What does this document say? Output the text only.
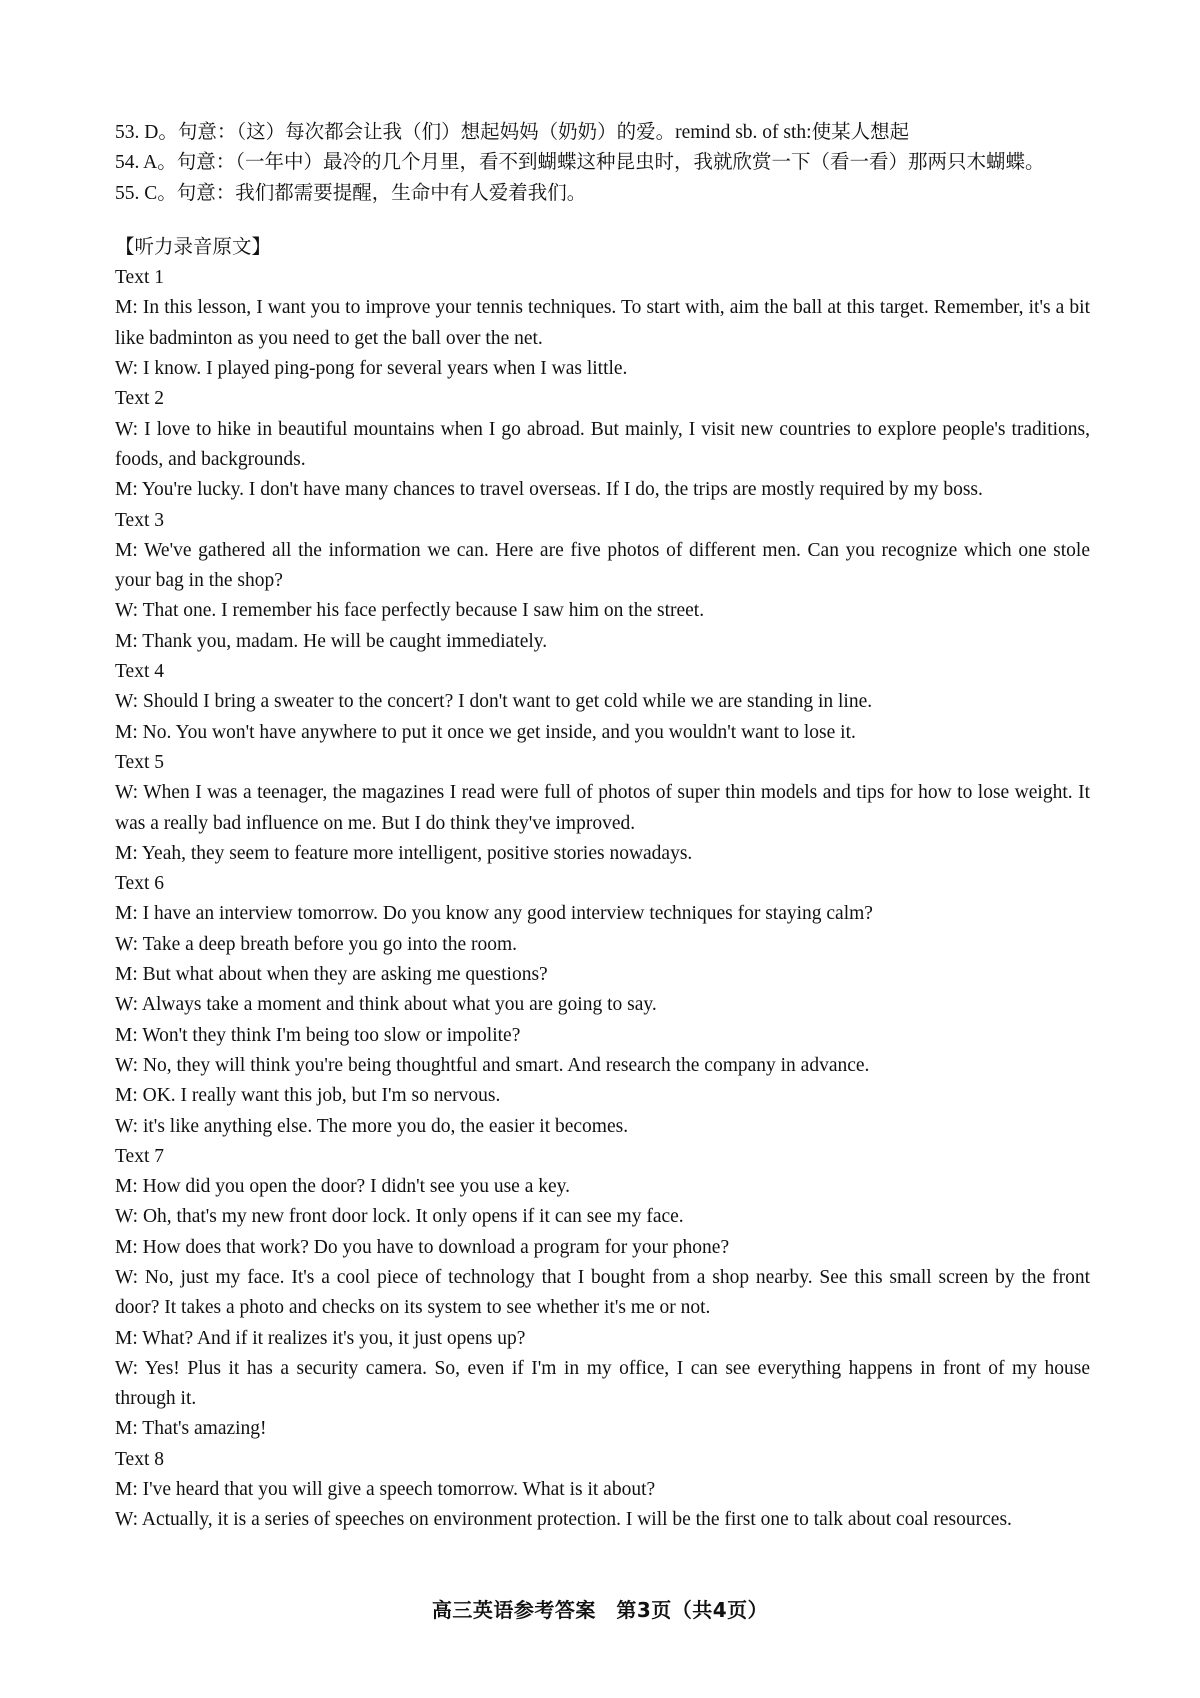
53. D。句意：（这）每次都会让我（们）想起妈妈（奶奶）的爱。remind sb. of sth:使某人想起

54. A。句意：（一年中）最冷的几个月里，看不到蝴蝶这种昆虫时，我就欣赏一下（看一看）那两只木蝴蝶。

55. C。句意：我们都需要提醒，生命中有人爱着我们。

【听力录音原文】

Text 1

M: In this lesson, I want you to improve your tennis techniques. To start with, aim the ball at this target. Remember, it's a bit like badminton as you need to get the ball over the net.

W: I know. I played ping-pong for several years when I was little.

Text 2

W: I love to hike in beautiful mountains when I go abroad. But mainly, I visit new countries to explore people's traditions, foods, and backgrounds.

M: You're lucky. I don't have many chances to travel overseas. If I do, the trips are mostly required by my boss.

Text 3

M: We've gathered all the information we can. Here are five photos of different men. Can you recognize which one stole your bag in the shop?

W: That one. I remember his face perfectly because I saw him on the street.

M: Thank you, madam. He will be caught immediately.

Text 4

W: Should I bring a sweater to the concert? I don't want to get cold while we are standing in line.

M: No. You won't have anywhere to put it once we get inside, and you wouldn't want to lose it.

Text 5

W: When I was a teenager, the magazines I read were full of photos of super thin models and tips for how to lose weight. It was a really bad influence on me. But I do think they've improved.

M: Yeah, they seem to feature more intelligent, positive stories nowadays.

Text 6

M: I have an interview tomorrow. Do you know any good interview techniques for staying calm?

W: Take a deep breath before you go into the room.

M: But what about when they are asking me questions?

W: Always take a moment and think about what you are going to say.

M: Won't they think I'm being too slow or impolite?

W: No, they will think you're being thoughtful and smart. And research the company in advance.

M: OK. I really want this job, but I'm so nervous.

W: it's like anything else. The more you do, the easier it becomes.

Text 7

M: How did you open the door? I didn't see you use a key.

W: Oh, that's my new front door lock. It only opens if it can see my face.

M: How does that work? Do you have to download a program for your phone?

W: No, just my face. It's a cool piece of technology that I bought from a shop nearby. See this small screen by the front door? It takes a photo and checks on its system to see whether it's me or not.

M: What? And if it realizes it's you, it just opens up?

W: Yes! Plus it has a security camera. So, even if I'm in my office, I can see everything happens in front of my house through it.

M: That's amazing!

Text 8

M: I've heard that you will give a speech tomorrow. What is it about?

W: Actually, it is a series of speeches on environment protection. I will be the first one to talk about coal resources.

高三英语参考答案　第3页（共4页）
